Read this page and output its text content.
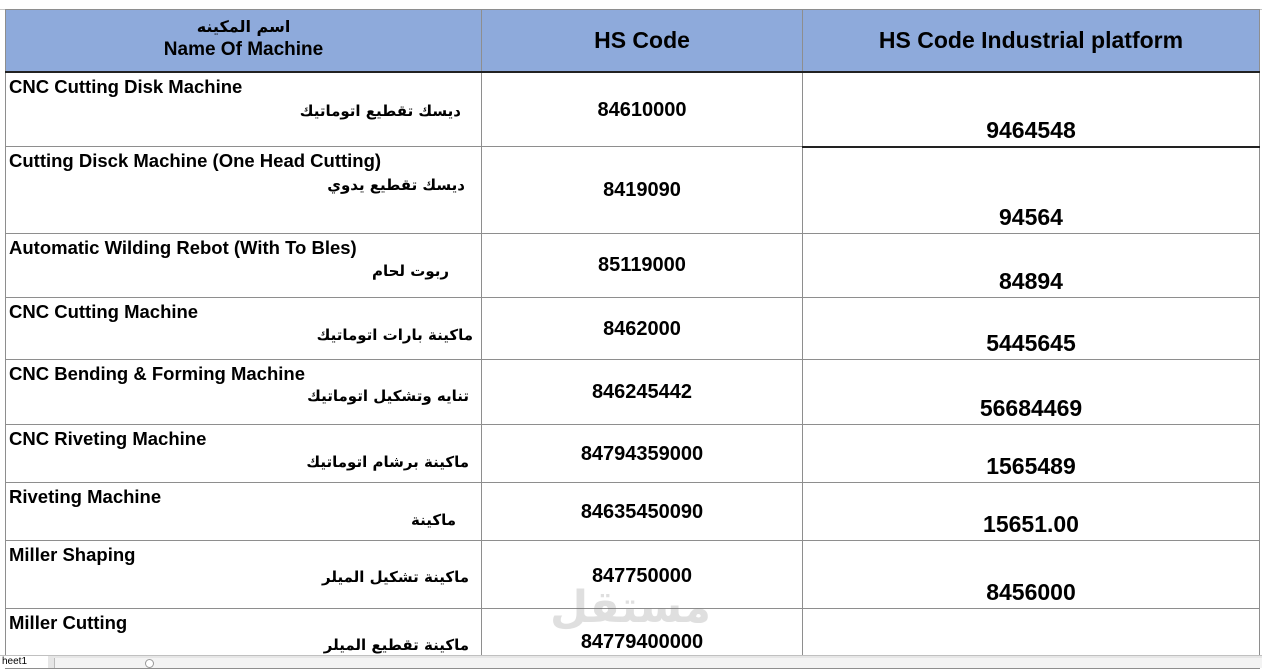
اسم المكينه
Name Of Machine	HS Code	HS Code Industrial platform

CNC Cutting Disk Machine
ديسك تقطيع اتوماتيك	84610000	9464548

Cutting Disck Machine (One Head Cutting)
ديسك تقطيع يدوي	8419090	94564

Automatic Wilding Rebot (With To Bles)
ربوت لحام	85119000	84894

CNC Cutting Machine
ماكينة بارات اتوماتيك	8462000	5445645

CNC Bending & Forming Machine
تنايه وتشكيل اتوماتيك	846245442	56684469

CNC Riveting Machine
ماكينة برشام اتوماتيك	84794359000	1565489

Riveting Machine
ماكينة	84635450090	15651.00

Miller Shaping
ماكينة تشكيل الميلر	847750000	8456000

Miller Cutting
ماكينة تقطيع الميلر	84779400000	

مستقل
heet1
